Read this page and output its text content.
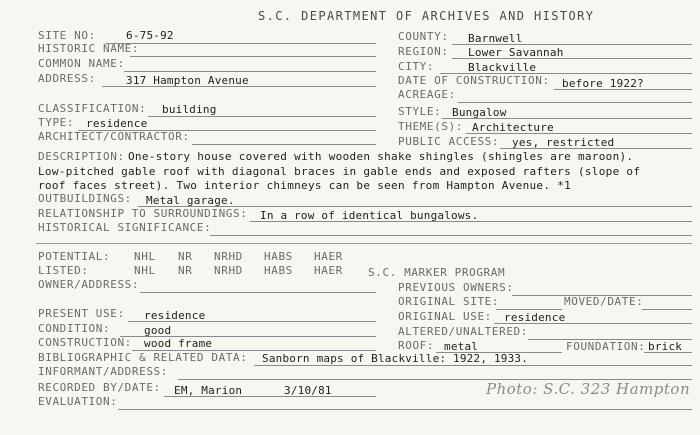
S.C. DEPARTMENT OF ARCHIVES AND HISTORY
SITE NO:	6-75-92	COUNTY: Barnwell
HISTORIC NAME:	REGION: Lower Savannah
COMMON NAME:	CITY:	Blackville
ADDRESS:	317 Hampton Avenue	DATE OF CONSTRUCTION: before 1922?
ACREAGE:
CLASSIFICATION: building	STYLE: Bungalow
TYPE: residence	THEME(S): Architecture
ARCHITECT/CONTRACTOR:	PUBLIC ACCESS: yes, restricted
DESCRIPTION: One-story house covered with wooden shake shingles (shingles are maroon).
Low-pitched gable roof with diagonal braces in gable ends and exposed rafters (slope of
roof faces street). Two interior chimneys can be seen from Hampton Avenue. *1
OUTBUILDINGS: Metal garage.
RELATIONSHIP TO SURROUNDINGS: In a row of identical bungalows.
HISTORICAL SIGNIFICANCE:
POTENTIAL: NHL NR NRHD HABS HAER
LISTED:	NHL NR NRHD HABS HAER S.C. MARKER PROGRAM
OWNER/ADDRESS:	PREVIOUS OWNERS:
ORIGINAL SITE:	MOVED/DATE:
PRESENT USE: residence	ORIGINAL USE: residence
CONDITION:	good	ALTERED/UNALTERED:
CONSTRUCTION: wood frame	ROOF: metal	FOUNDATION: brick
BIBLIOGRAPHIC & RELATED DATA: Sanborn maps of Blackville: 1922, 1933.
INFORMANT/ADDRESS:
RECORDED BY/DATE: EM, Marion	3/10/81	Photo: S.C. 323 Hampton
EVALUATION:
